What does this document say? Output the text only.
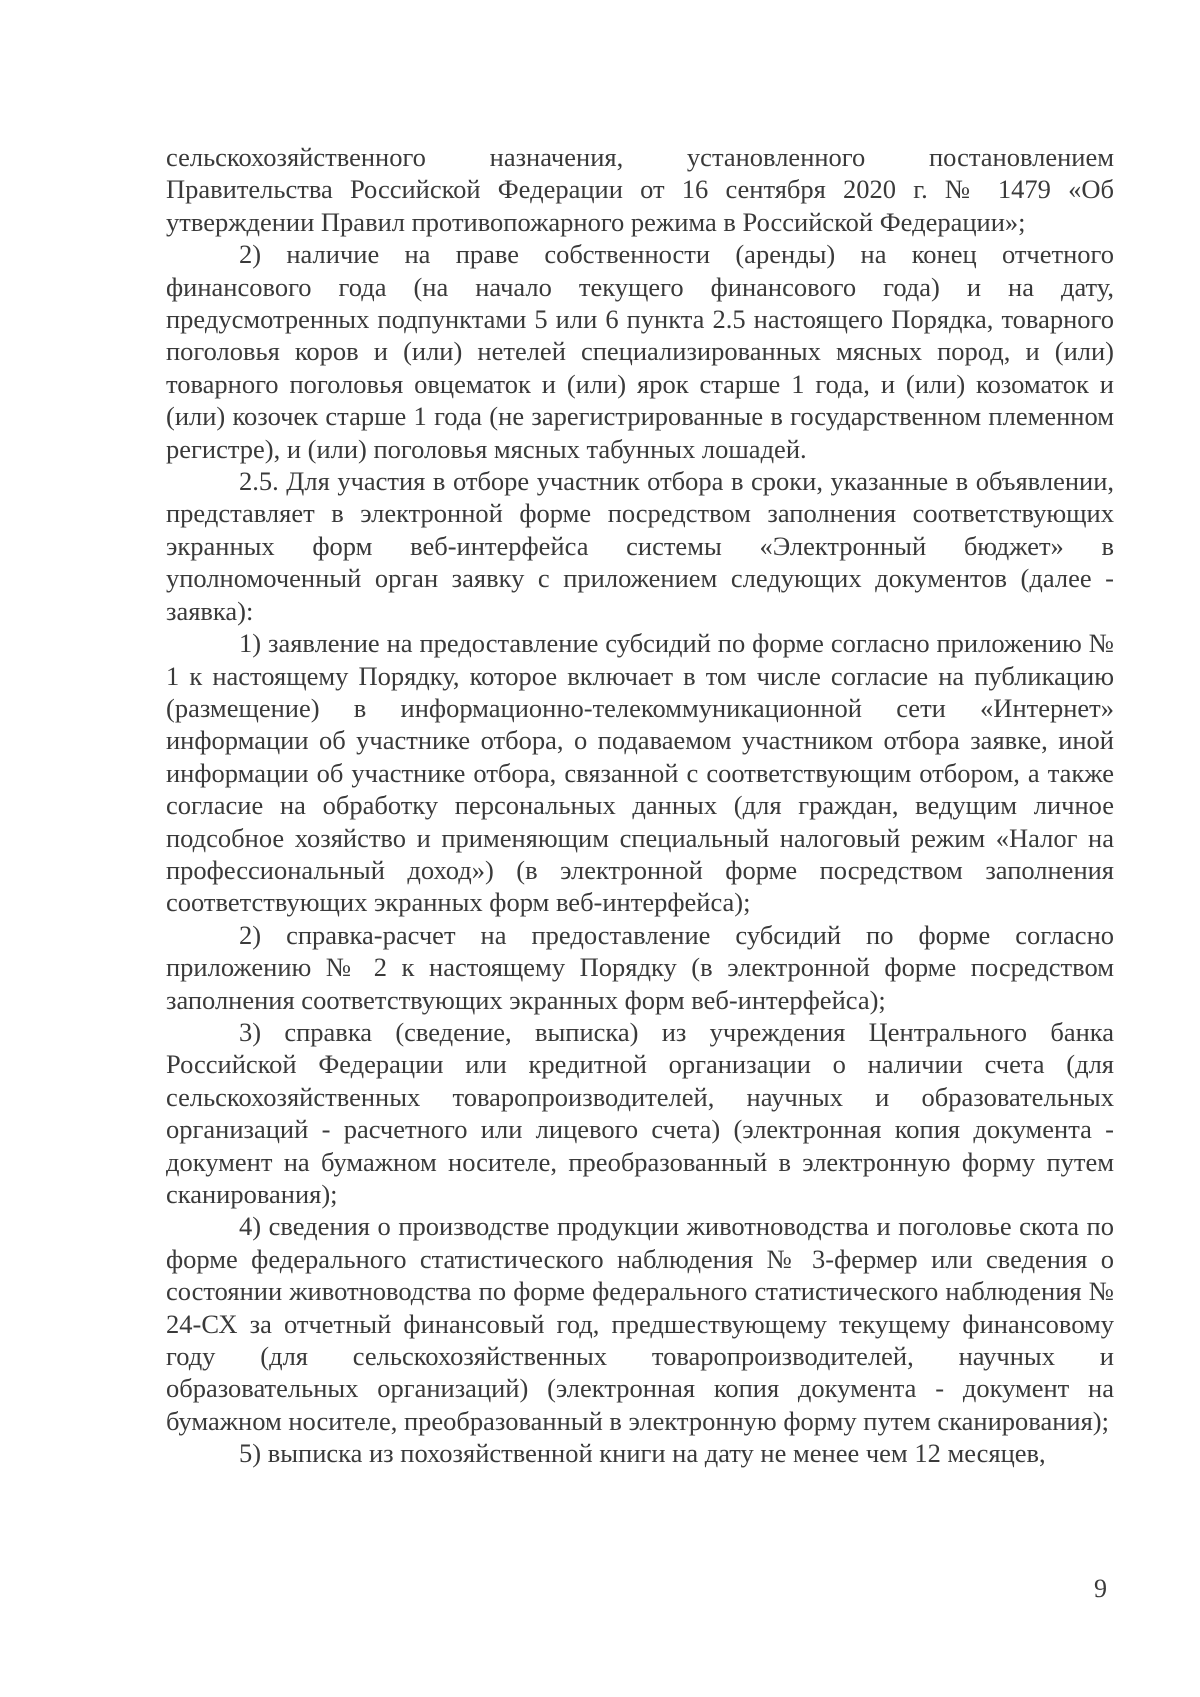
сельскохозяйственного назначения, установленного постановлением Правительства Российской Федерации от 16 сентября 2020 г. № 1479 «Об утверждении Правил противопожарного режима в Российской Федерации»;

2) наличие на праве собственности (аренды) на конец отчетного финансового года (на начало текущего финансового года) и на дату, предусмотренных подпунктами 5 или 6 пункта 2.5 настоящего Порядка, товарного поголовья коров и (или) нетелей специализированных мясных пород, и (или) товарного поголовья овцематок и (или) ярок старше 1 года, и (или) козоматок и (или) козочек старше 1 года (не зарегистрированные в государственном племенном регистре), и (или) поголовья мясных табунных лошадей.

2.5. Для участия в отборе участник отбора в сроки, указанные в объявлении, представляет в электронной форме посредством заполнения соответствующих экранных форм веб-интерфейса системы «Электронный бюджет» в уполномоченный орган заявку с приложением следующих документов (далее - заявка):

1) заявление на предоставление субсидий по форме согласно приложению № 1 к настоящему Порядку, которое включает в том числе согласие на публикацию (размещение) в информационно-телекоммуникационной сети «Интернет» информации об участнике отбора, о подаваемом участником отбора заявке, иной информации об участнике отбора, связанной с соответствующим отбором, а также согласие на обработку персональных данных (для граждан, ведущим личное подсобное хозяйство и применяющим специальный налоговый режим «Налог на профессиональный доход») (в электронной форме посредством заполнения соответствующих экранных форм веб-интерфейса);

2) справка-расчет на предоставление субсидий по форме согласно приложению № 2 к настоящему Порядку (в электронной форме посредством заполнения соответствующих экранных форм веб-интерфейса);

3) справка (сведение, выписка) из учреждения Центрального банка Российской Федерации или кредитной организации о наличии счета (для сельскохозяйственных товаропроизводителей, научных и образовательных организаций - расчетного или лицевого счета) (электронная копия документа - документ на бумажном носителе, преобразованный в электронную форму путем сканирования);

4) сведения о производстве продукции животноводства и поголовье скота по форме федерального статистического наблюдения № 3-фермер или сведения о состоянии животноводства по форме федерального статистического наблюдения № 24-СХ за отчетный финансовый год, предшествующему текущему финансовому году (для сельскохозяйственных товаропроизводителей, научных и образовательных организаций) (электронная копия документа - документ на бумажном носителе, преобразованный в электронную форму путем сканирования);

5) выписка из похозяйственной книги на дату не менее чем 12 месяцев,

9
